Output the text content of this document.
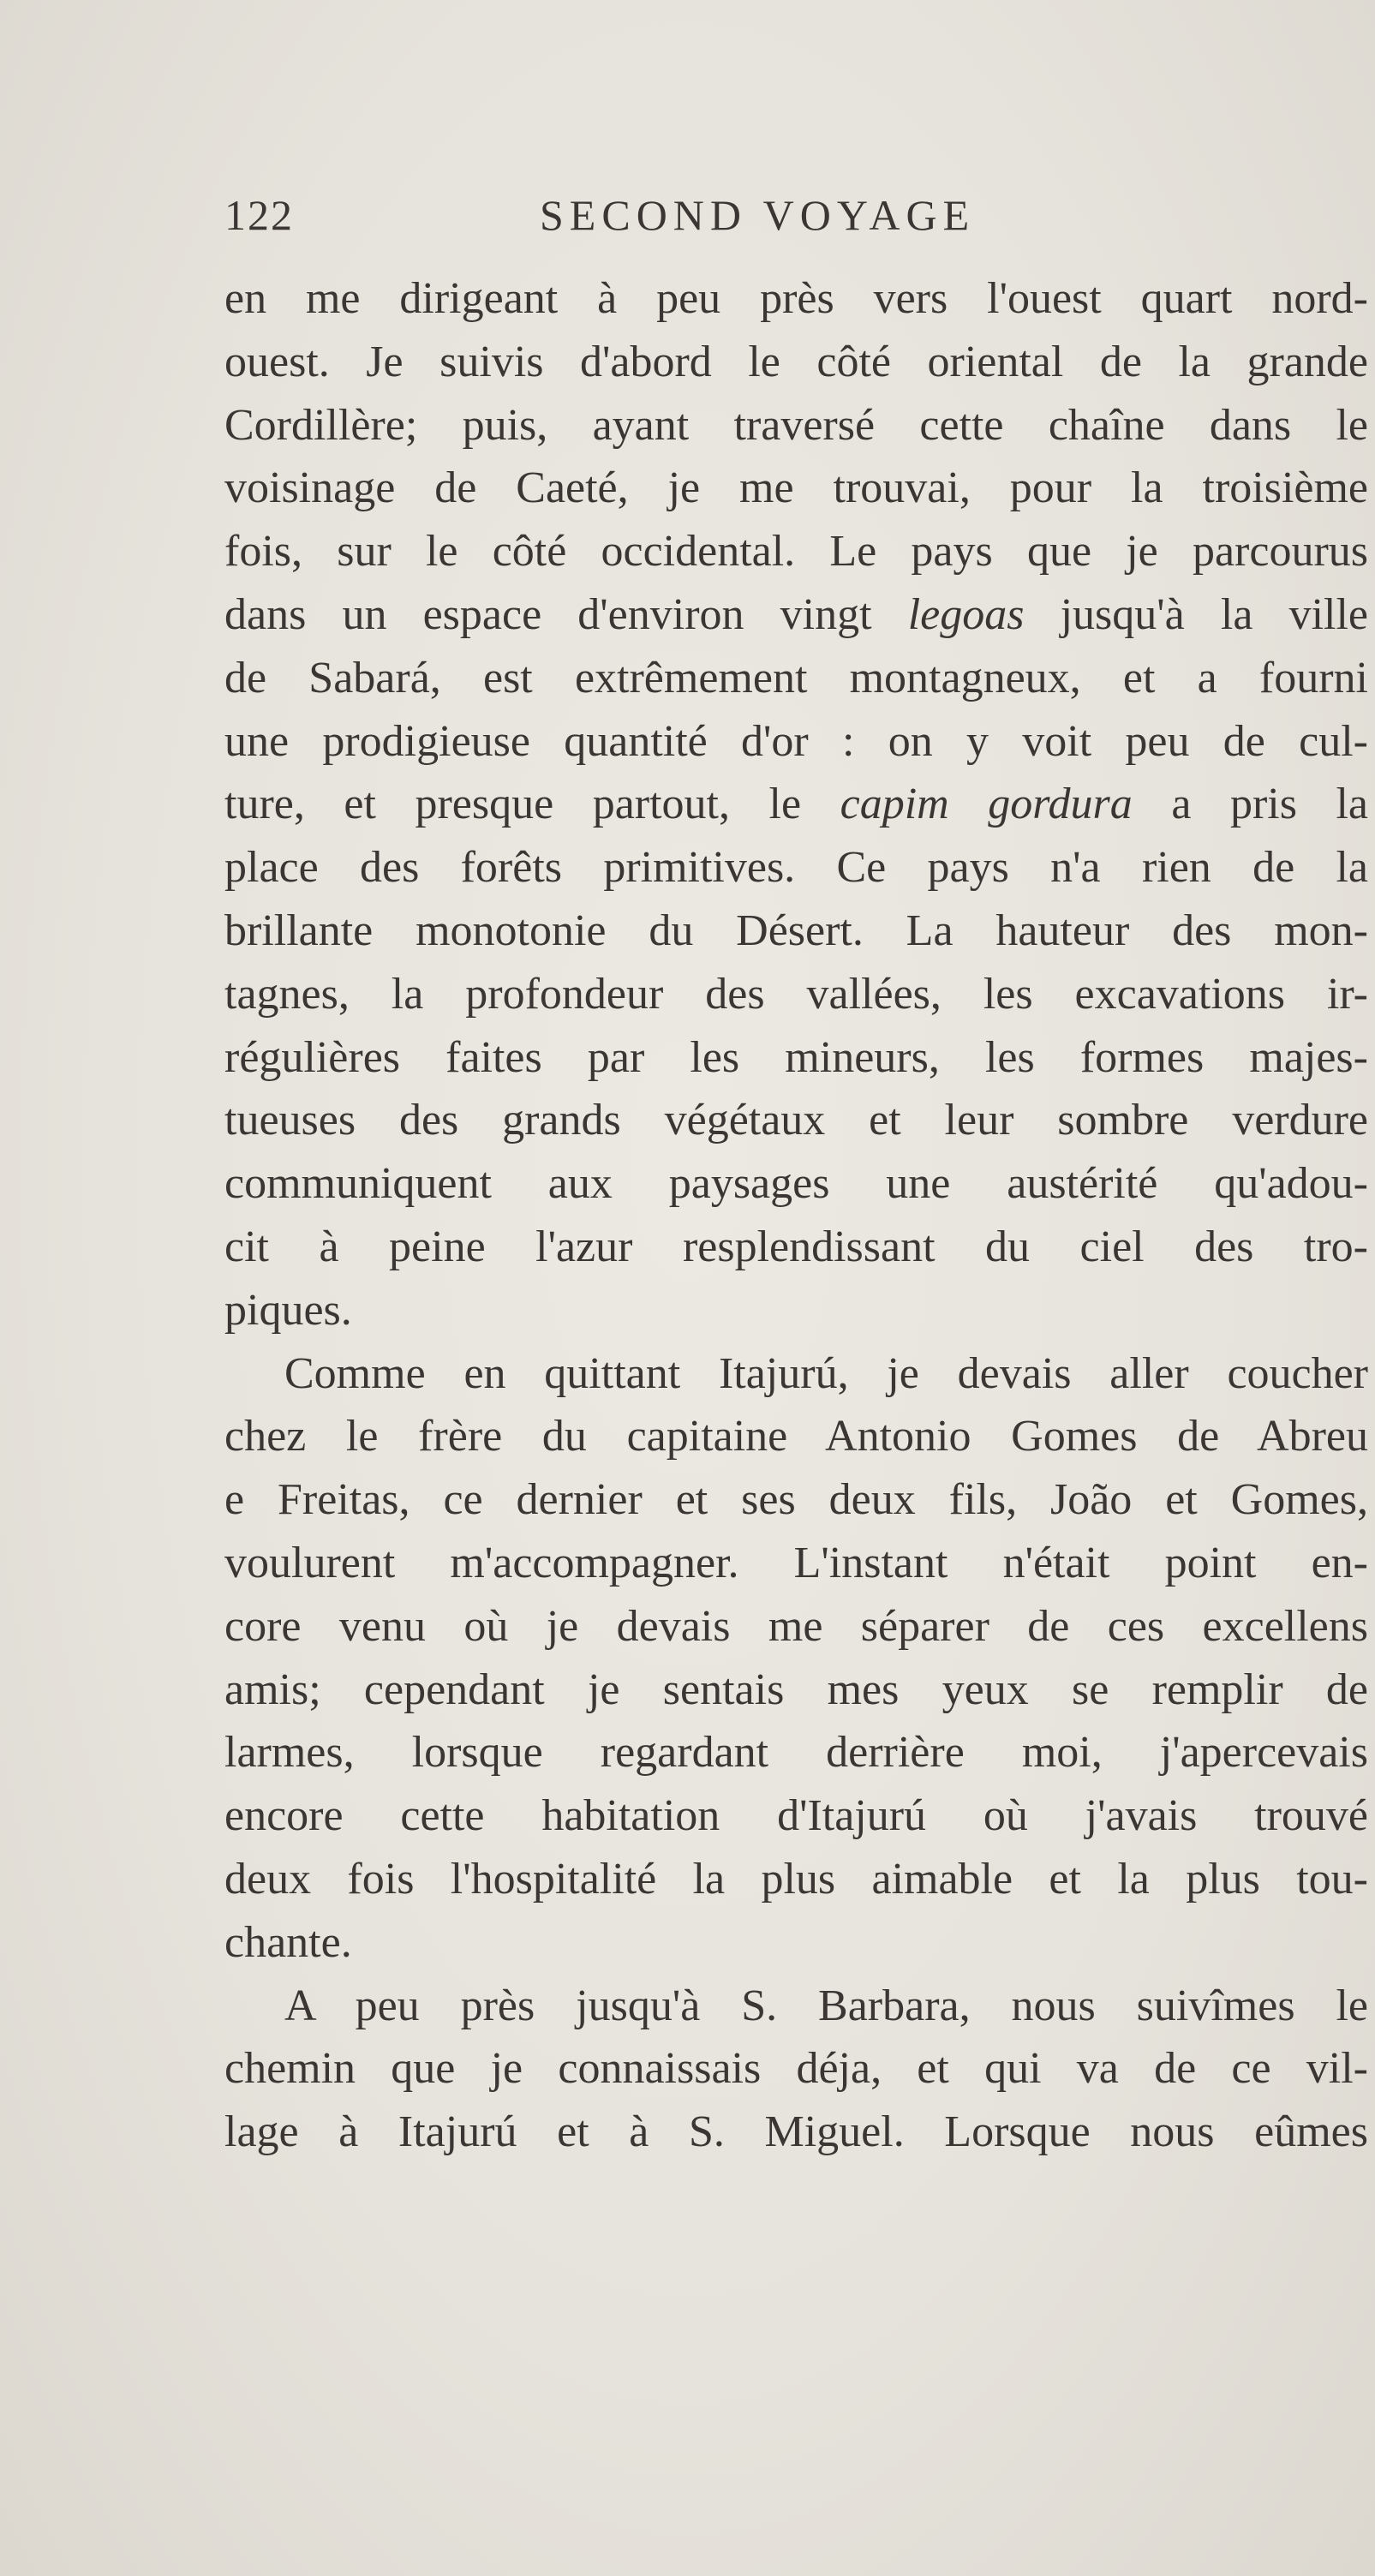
122	SECOND VOYAGE
en me dirigeant à peu près vers l'ouest quart nord-
ouest. Je suivis d'abord le côté oriental de la grande
Cordillère; puis, ayant traversé cette chaîne dans le
voisinage de Caeté, je me trouvai, pour la troisième
fois, sur le côté occidental. Le pays que je parcourus
dans un espace d'environ vingt legoas jusqu'à la ville
de Sabará, est extrêmement montagneux, et a fourni
une prodigieuse quantité d'or : on y voit peu de cul-
ture, et presque partout, le capim gordura a pris la
place des forêts primitives. Ce pays n'a rien de la
brillante monotonie du Désert. La hauteur des mon-
tagnes, la profondeur des vallées, les excavations ir-
régulières faites par les mineurs, les formes majes-
tueuses des grands végétaux et leur sombre verdure
communiquent aux paysages une austérité qu'adou-
cit à peine l'azur resplendissant du ciel des tro-
piques.
Comme en quittant Itajurú, je devais aller coucher
chez le frère du capitaine Antonio Gomes de Abreu
e Freitas, ce dernier et ses deux fils, João et Gomes,
voulurent m'accompagner. L'instant n'était point en-
core venu où je devais me séparer de ces excellens
amis; cependant je sentais mes yeux se remplir de
larmes, lorsque regardant derrière moi, j'apercevais
encore cette habitation d'Itajurú où j'avais trouvé
deux fois l'hospitalité la plus aimable et la plus tou-
chante.
A peu près jusqu'à S. Barbara, nous suivîmes le
chemin que je connaissais déja, et qui va de ce vil-
lage à Itajurú et à S. Miguel. Lorsque nous eûmes
